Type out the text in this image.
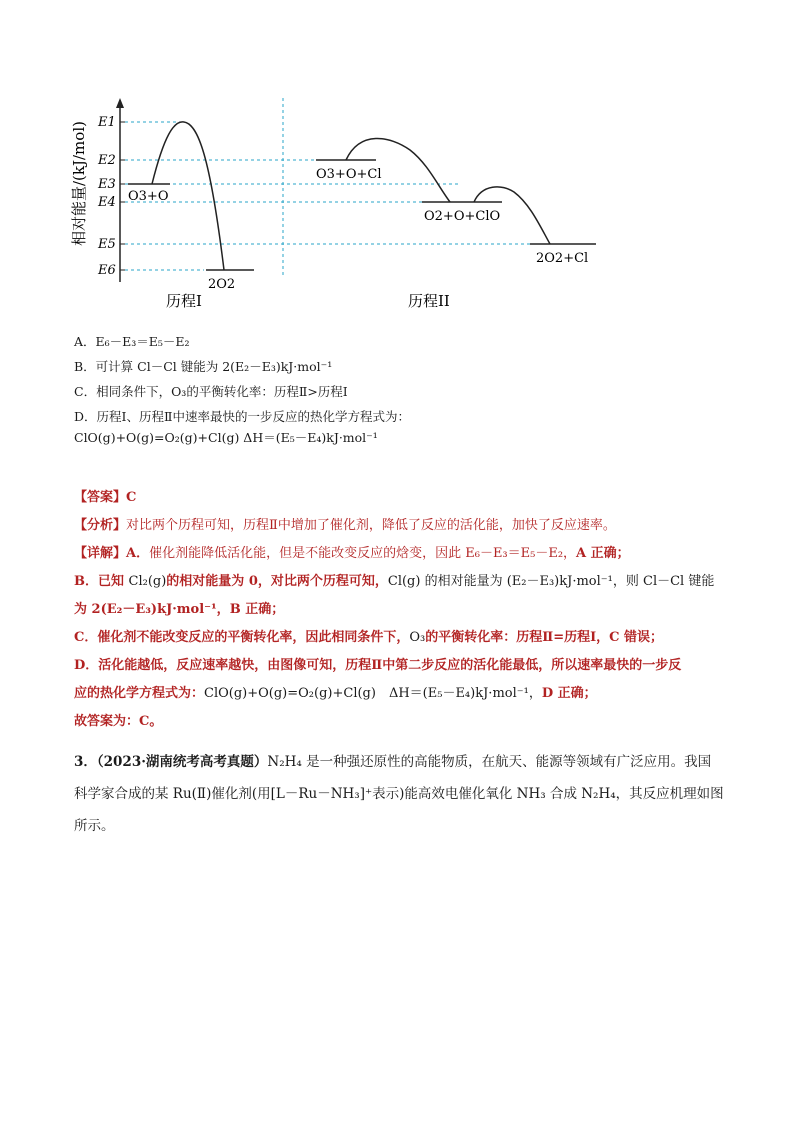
相对能量/(kJ/mol) E1
E2
E3
E4
E5
E6
O3+O
2O2
O3+O+Cl
O2+O+ClO
2O2+Cl
历程I	历程II
A．E₆－E₃＝E₅－E₂
B．可计算 Cl－Cl 键能为 2(E₂－E₃)kJ·mol⁻¹
C．相同条件下，O₃的平衡转化率：历程Ⅱ>历程Ⅰ
D．历程Ⅰ、历程Ⅱ中速率最快的一步反应的热化学方程式为：
ClO(g)+O(g)=O₂(g)+Cl(g) ΔH＝(E₅－E₄)kJ·mol⁻¹
【答案】C
【分析】对比两个历程可知，历程Ⅱ中增加了催化剂，降低了反应的活化能，加快了反应速率。
【详解】A．催化剂能降低活化能，但是不能改变反应的焓变，因此 E₆－E₃＝E₅－E₂，A 正确；
B．已知 Cl₂(g)的相对能量为 0，对比两个历程可知，Cl(g) 的相对能量为 (E₂－E₃)kJ·mol⁻¹，则 Cl－Cl 键能
为 2(E₂－E₃)kJ·mol⁻¹，B 正确；
C．催化剂不能改变反应的平衡转化率，因此相同条件下，O₃的平衡转化率：历程Ⅱ=历程Ⅰ，C 错误；
D．活化能越低，反应速率越快，由图像可知，历程Ⅱ中第二步反应的活化能最低，所以速率最快的一步反
应的热化学方程式为：ClO(g)+O(g)=O₂(g)+Cl(g)　ΔH＝(E₅－E₄)kJ·mol⁻¹，D 正确；
故答案为：C。
3．（2023·湖南统考高考真题）N₂H₄ 是一种强还原性的高能物质，在航天、能源等领域有广泛应用。我国
科学家合成的某 Ru(Ⅱ)催化剂(用[L－Ru－NH₃]⁺表示)能高效电催化氧化 NH₃ 合成 N₂H₄，其反应机理如图
所示。
